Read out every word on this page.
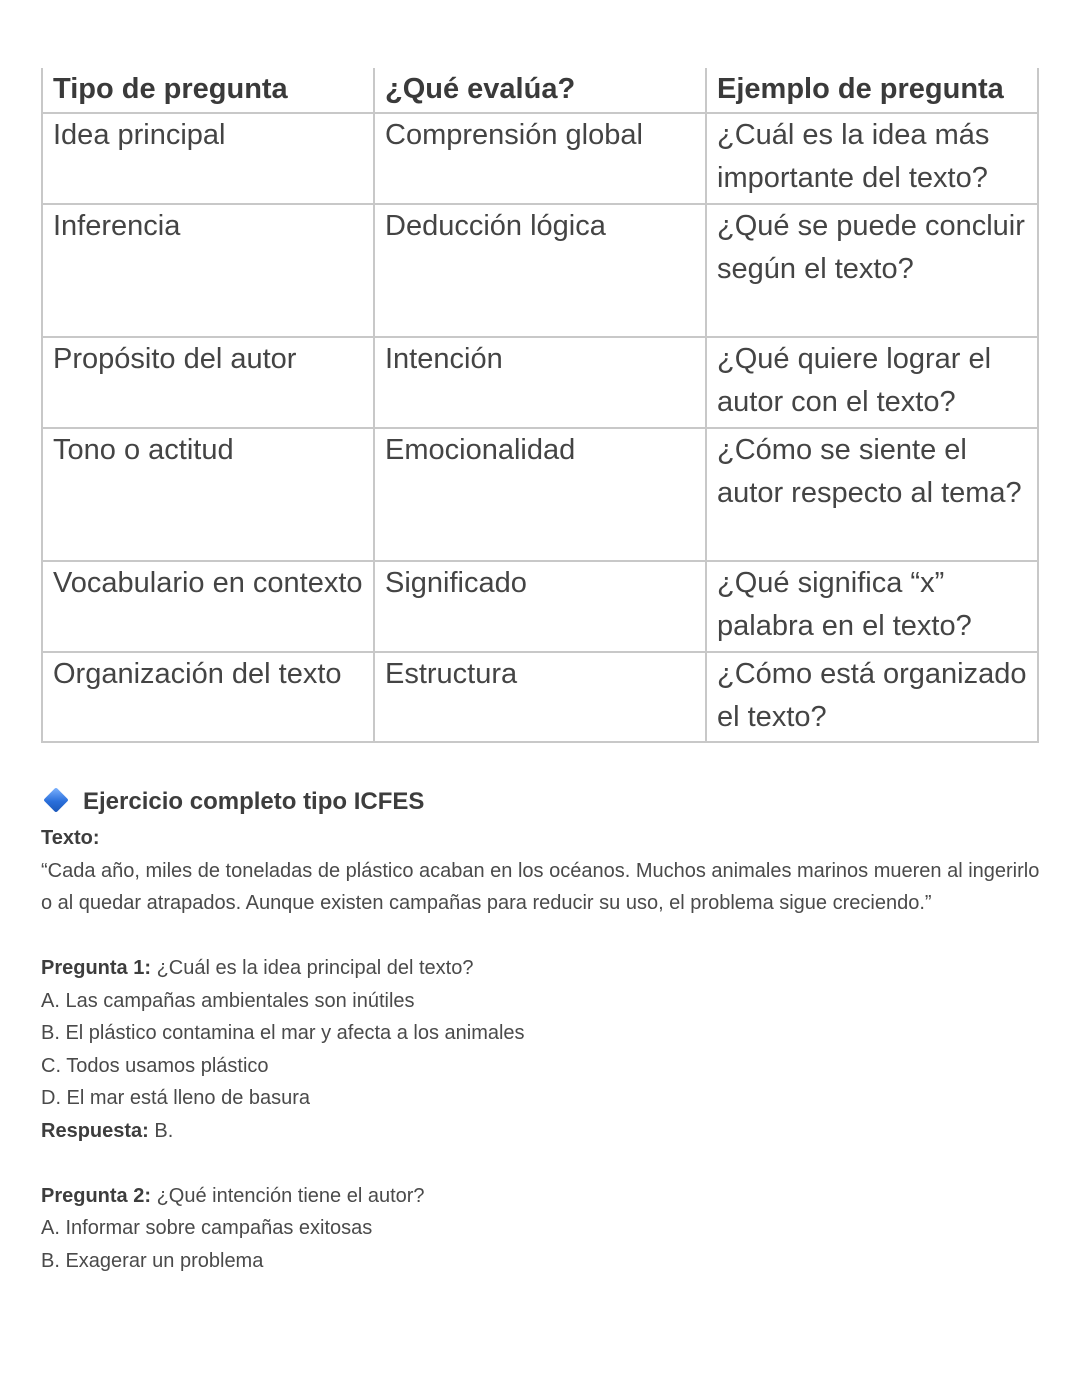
Tipo de pregunta	¿Qué evalúa?	Ejemplo de pregunta
Idea principal	Comprensión global	¿Cuál es la idea más importante del texto?
Inferencia	Deducción lógica	¿Qué se puede concluir según el texto?
Propósito del autor	Intención	¿Qué quiere lograr el autor con el texto?
Tono o actitud	Emocionalidad	¿Cómo se siente el autor respecto al tema?
Vocabulario en contexto	Significado	¿Qué significa “x” palabra en el texto?
Organización del texto	Estructura	¿Cómo está organizado el texto?
Ejercicio completo tipo ICFES
Texto:
“Cada año, miles de toneladas de plástico acaban en los océanos. Muchos animales marinos mueren al ingerirlo o al quedar atrapados. Aunque existen campañas para reducir su uso, el problema sigue creciendo.”
Pregunta 1: ¿Cuál es la idea principal del texto?
A. Las campañas ambientales son inútiles
B. El plástico contamina el mar y afecta a los animales
C. Todos usamos plástico
D. El mar está lleno de basura
Respuesta: B.
Pregunta 2: ¿Qué intención tiene el autor?
A. Informar sobre campañas exitosas
B. Exagerar un problema
